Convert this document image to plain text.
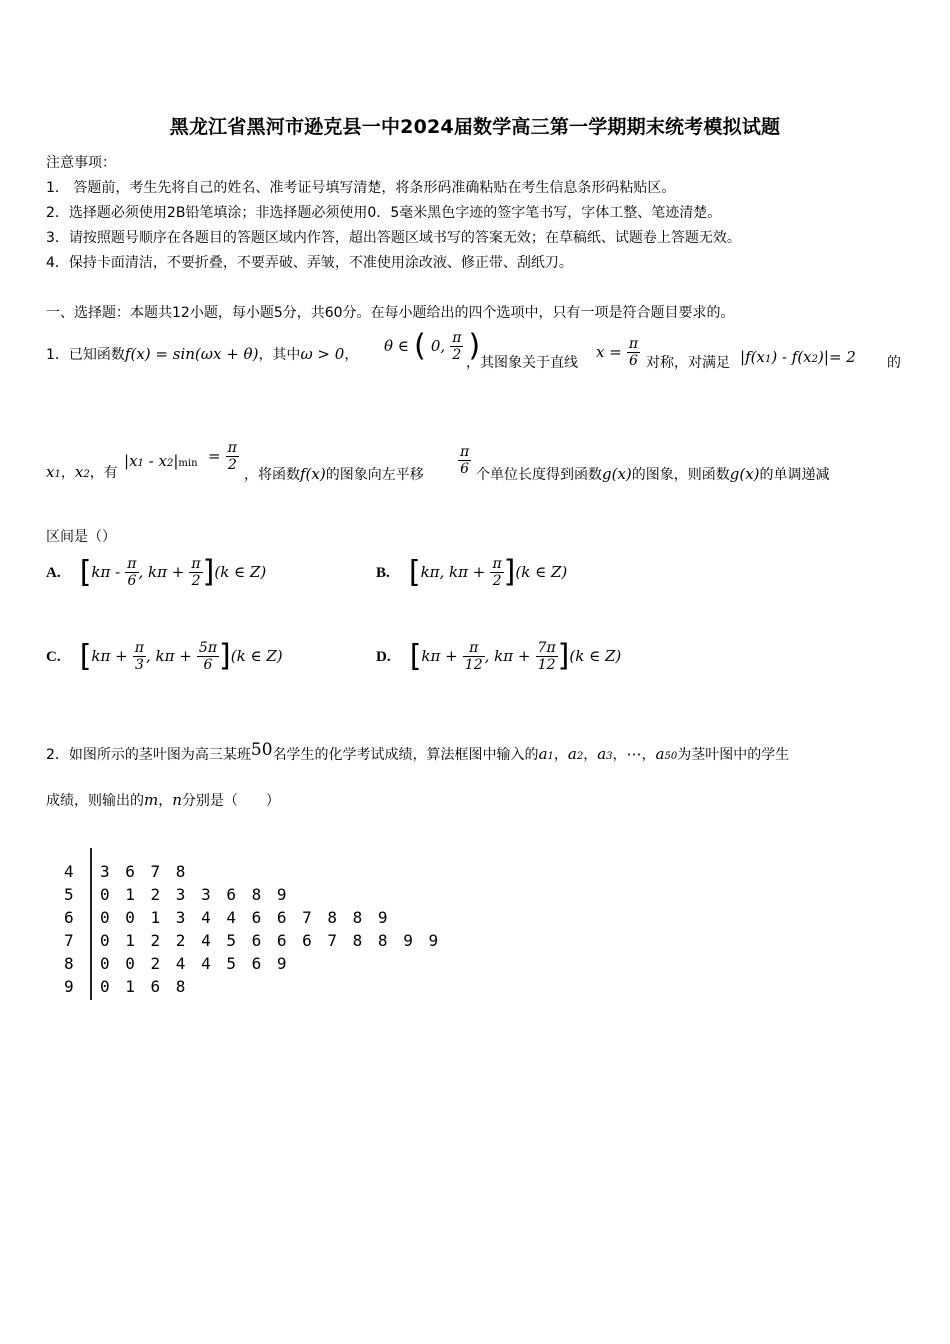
黑龙江省黑河市逊克县一中2024届数学高三第一学期期末统考模拟试题
注意事项：
1． 答题前，考生先将自己的姓名、准考证号填写清楚，将条形码准确粘贴在考生信息条形码粘贴区。
2．选择题必须使用2B铅笔填涂；非选择题必须使用0．5毫米黑色字迹的签字笔书写，字体工整、笔迹清楚。
3．请按照题号顺序在各题目的答题区域内作答，超出答题区域书写的答案无效；在草稿纸、试题卷上答题无效。
4．保持卡面清洁，不要折叠，不要弄破、弄皱，不准使用涂改液、修正带、刮纸刀。
一、选择题：本题共12小题，每小题5分，共60分。在每小题给出的四个选项中，只有一项是符合题目要求的。
1．已知函数f(x) = sin(ωx + θ)，其中ω > 0， θ ∈ ( 0, $\frac{\pi}{2}$ )
，其图象关于直线
$x = \frac{\pi}{6}$ 对称，对满足 |f(x1) - f(x2)|= 2 的
x1，x2，有
$|x1 - x2|\min = \frac{\pi}{2}$
，将函数f(x)的图象向左平移 $\frac{\pi}{6}$ 个单位长度得到函数g(x)的图象，则函数g(x)的单调递减
区间是（）
A. [$k\pi - \frac{\pi}{6}$ , $k\pi + \frac{\pi}{2} ](k$ ∈ Z)	B. [kπ, $k\pi + \frac{\pi}{2} ](k$ ∈ Z)
C. [$k\pi + \frac{\pi}{3}$ , $k\pi + \frac{5\pi}{6} ](k$ ∈ Z)	D. [$k\pi + \frac{\pi}{12}$ , $k\pi + \frac{7\pi}{12} ](k$ ∈ Z)
2．如图所示的茎叶图为高三某班50名学生的化学考试成绩，算法框图中输入的a1，a2，a3，⋯，a50为茎叶图中的学生
成绩，则输出的m，n分别是（　　）
4
5
6
7
8
9
3 6 7 8
0 1 2 3 3 6 8 9
0 0 1 3 4 4 6 6 7 8 8 9
0 1 2 2 4 5 6 6 6 7 8 8 9 9
0 0 2 4 4 5 6 9
0 1 6 8
